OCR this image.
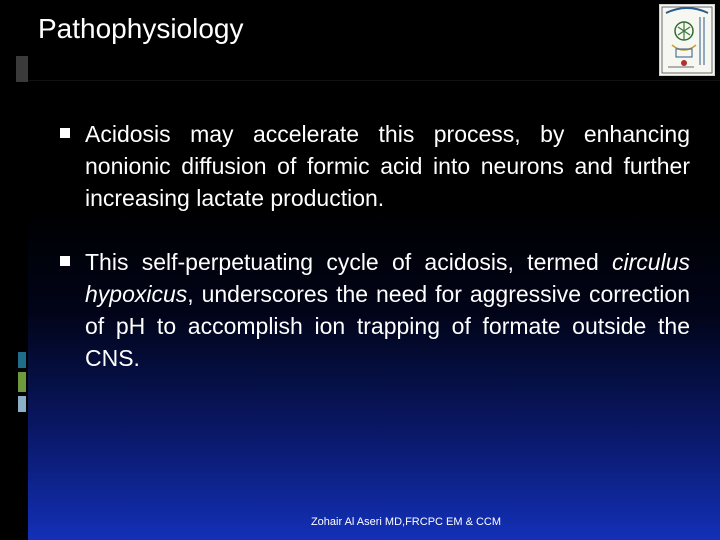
Pathophysiology
Acidosis may accelerate this process, by enhancing nonionic diffusion of formic acid into neurons and further increasing lactate production.
This self-perpetuating cycle of acidosis, termed circulus hypoxicus, underscores the need for aggressive correction of pH to accomplish ion trapping of formate outside the CNS.
Zohair Al Aseri MD,FRCPC EM & CCM
